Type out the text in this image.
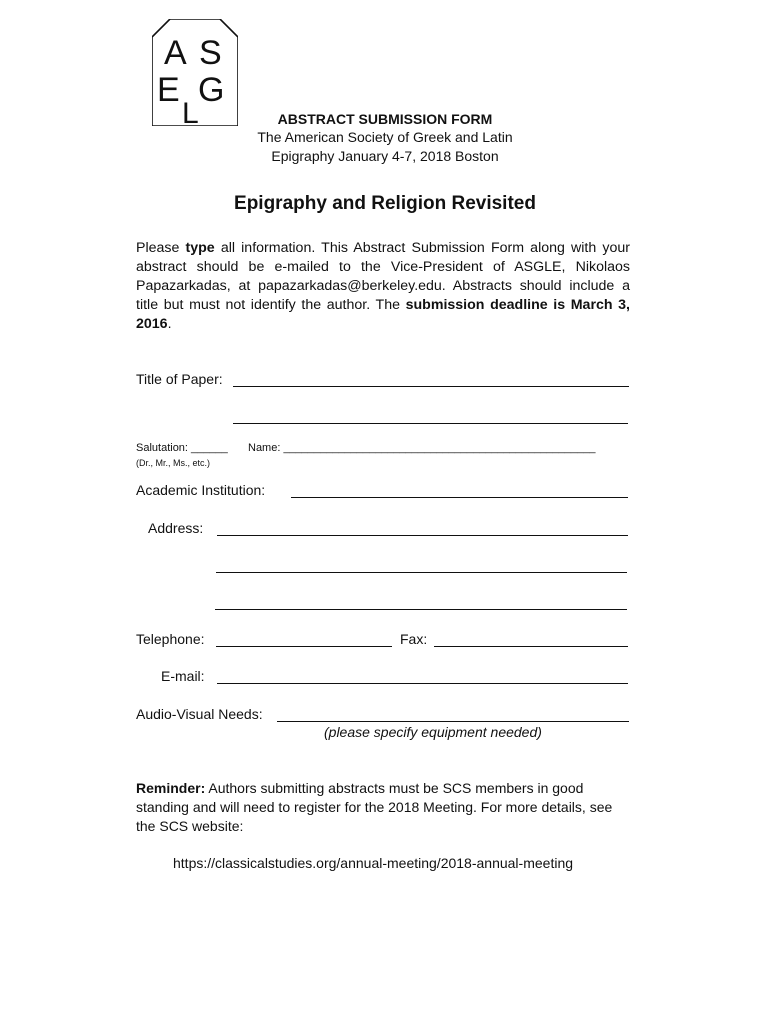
A S
E
L
G
ABSTRACT SUBMISSION FORM
The American Society of Greek and Latin
Epigraphy January 4-7, 2018 Boston
Epigraphy and Religion Revisited
Please type all information. This Abstract Submission Form along with your abstract should be e-mailed to the Vice-President of ASGLE, Nikolaos Papazarkadas, at papazarkadas@berkeley.edu. Abstracts should include a title but must not identify the author. The submission deadline is March 3, 2016.
Title of Paper:
Salutation: ______ Name: ___________________________________________________
(Dr., Mr., Ms., etc.)
Academic Institution:
Address:
Telephone:	Fax:
E-mail:
Audio-Visual Needs:
(please specify equipment needed)
Reminder: Authors submitting abstracts must be SCS members in good standing and will need to register for the 2018 Meeting. For more details, see the SCS website:
https://classicalstudies.org/annual-meeting/2018-annual-meeting
